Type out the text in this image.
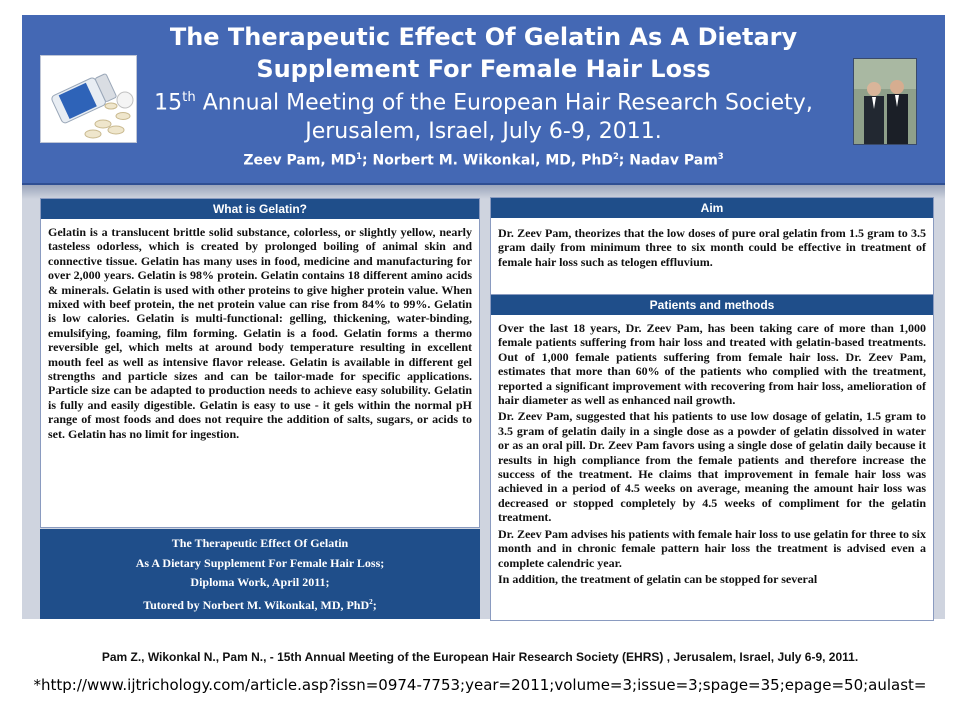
The Therapeutic Effect Of Gelatin As A Dietary

Supplement For Female Hair Loss

15th Annual Meeting of the European Hair Research Society,

Jerusalem, Israel, July 6-9, 2011.

Zeev Pam, $MD^1$; Norbert M. Wikonkal, MD, PhD$^2$; Nadav Pam$^3$

What is Gelatin?

Gelatin is a translucent brittle solid substance, colorless, or slightly yellow, nearly tasteless odorless, which is created by prolonged boiling of animal skin and connective tissue. Gelatin has many uses in food, medicine and manufacturing for over 2,000 years. Gelatin is 98% protein. Gelatin contains 18 different amino acids & minerals. Gelatin is used with other proteins to give higher protein value. When mixed with beef protein, the net protein value can rise from 84% to 99%. Gelatin is low calories. Gelatin is multi-functional: gelling, thickening, water-binding, emulsifying, foaming, film forming. Gelatin is a food. Gelatin forms a thermo reversible gel, which melts at around body temperature resulting in excellent mouth feel as well as intensive flavor release. Gelatin is available in different gel strengths and particle sizes and can be tailor-made for specific applications. Particle size can be adapted to production needs to achieve easy solubility. Gelatin is fully and easily digestible. Gelatin is easy to use - it gels within the normal pH range of most foods and does not require the addition of salts, sugars, or acids to set. Gelatin has no limit for ingestion.

The Therapeutic Effect Of Gelatin

As A Dietary Supplement For Female Hair Loss;

Diploma Work, April 2011;

Tutored by Norbert M. Wikonkal, MD, PhD$^2$;

Defended by Nadav Pam$^3$

Aim

Dr. Zeev Pam, theorizes that the low doses of pure oral gelatin from 1.5 gram to 3.5 gram daily from minimum three to six month could be effective in treatment of female hair loss such as telogen effluvium.

Patients and methods

Over the last 18 years, Dr. Zeev Pam, has been taking care of more than 1,000 female patients suffering from hair loss and treated with gelatin-based treatments. Out of 1,000 female patients suffering from female hair loss. Dr. Zeev Pam, estimates that more than 60% of the patients who complied with the treatment, reported a significant improvement with recovering from hair loss, amelioration of hair diameter as well as enhanced nail growth.

Dr. Zeev Pam, suggested that his patients to use low dosage of gelatin, 1.5 gram to 3.5 gram of gelatin daily in a single dose as a powder of gelatin dissolved in water or as an oral pill. Dr. Zeev Pam favors using a single dose of gelatin daily because it results in high compliance from the female patients and therefore increase the success of the treatment. He claims that improvement in female hair loss was achieved in a period of 4.5 weeks on average, meaning the amount hair loss was decreased or stopped completely by 4.5 weeks of compliment for the gelatin treatment.

Dr. Zeev Pam advises his patients with female hair loss to use gelatin for three to six month and in chronic female pattern hair loss the treatment is advised even a complete calendric year.

In addition, the treatment of gelatin can be stopped for several

Pam Z., Wikonkal N., Pam N., - 15th Annual Meeting of the European Hair Research Society (EHRS) , Jerusalem, Israel, July 6-9, 2011.

*http://www.ijtrichology.com/article.asp?issn=0974-7753;year=2011;volume=3;issue=3;spage=35;epage=50;aulast=
